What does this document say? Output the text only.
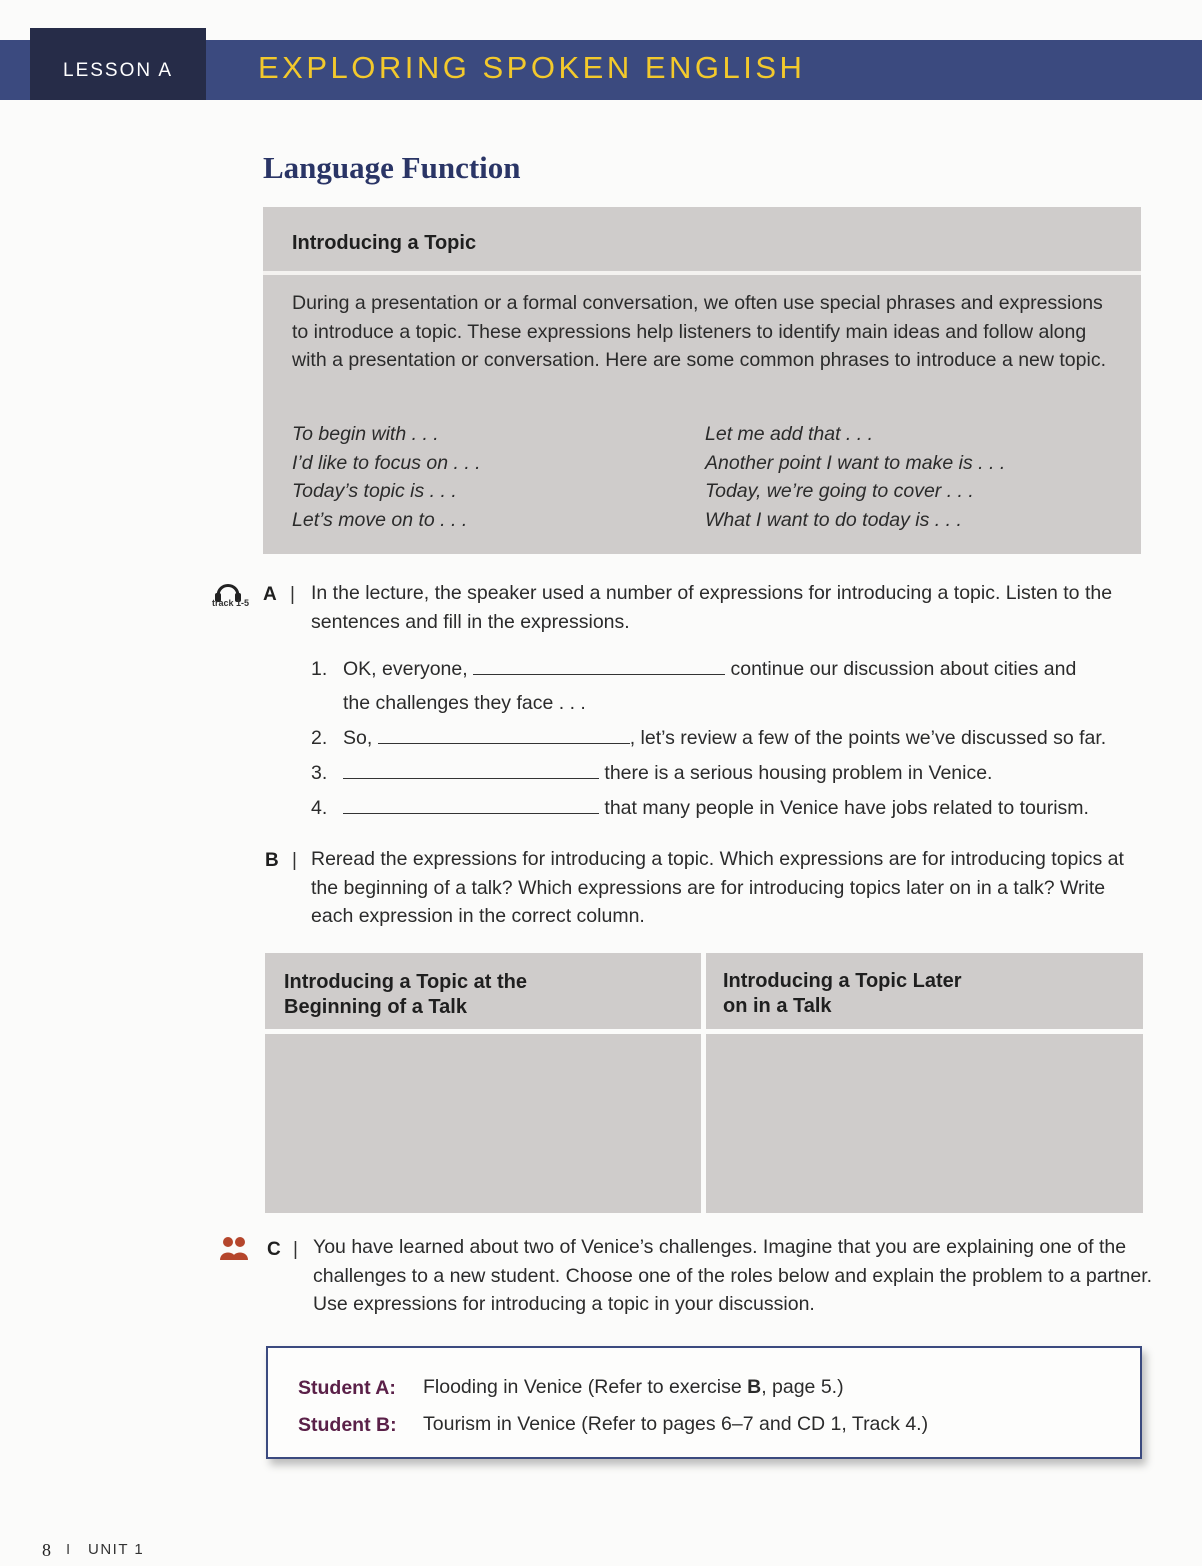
LESSON A	EXPLORING SPOKEN ENGLISH
Language Function
Introducing a Topic
During a presentation or a formal conversation, we often use special phrases and expressions to introduce a topic. These expressions help listeners to identify main ideas and follow along with a presentation or conversation. Here are some common phrases to introduce a new topic.
To begin with . . .
I’d like to focus on . . .
Today’s topic is . . .
Let’s move on to . . .
Let me add that . . .
Another point I want to make is . . .
Today, we’re going to cover . . .
What I want to do today is . . .
track 1-5 A | In the lecture, the speaker used a number of expressions for introducing a topic. Listen to the sentences and fill in the expressions.
1. OK, everyone,	continue our discussion about cities and
the challenges they face . . .
2. So,	, let’s review a few of the points we’ve discussed so far.
3.	there is a serious housing problem in Venice.
4.	that many people in Venice have jobs related to tourism.
B | Reread the expressions for introducing a topic. Which expressions are for introducing topics at the beginning of a talk? Which expressions are for introducing topics later on in a talk? Write each expression in the correct column.
Introducing a Topic at the
Beginning of a Talk
Introducing a Topic Later
on in a Talk
C | You have learned about two of Venice’s challenges. Imagine that you are explaining one of the challenges to a new student. Choose one of the roles below and explain the problem to a partner. Use expressions for introducing a topic in your discussion.
Student A: Flooding in Venice (Refer to exercise B, page 5.)
Student B: Tourism in Venice (Refer to pages 6–7 and CD 1, Track 4.)
8 I UNIT 1
